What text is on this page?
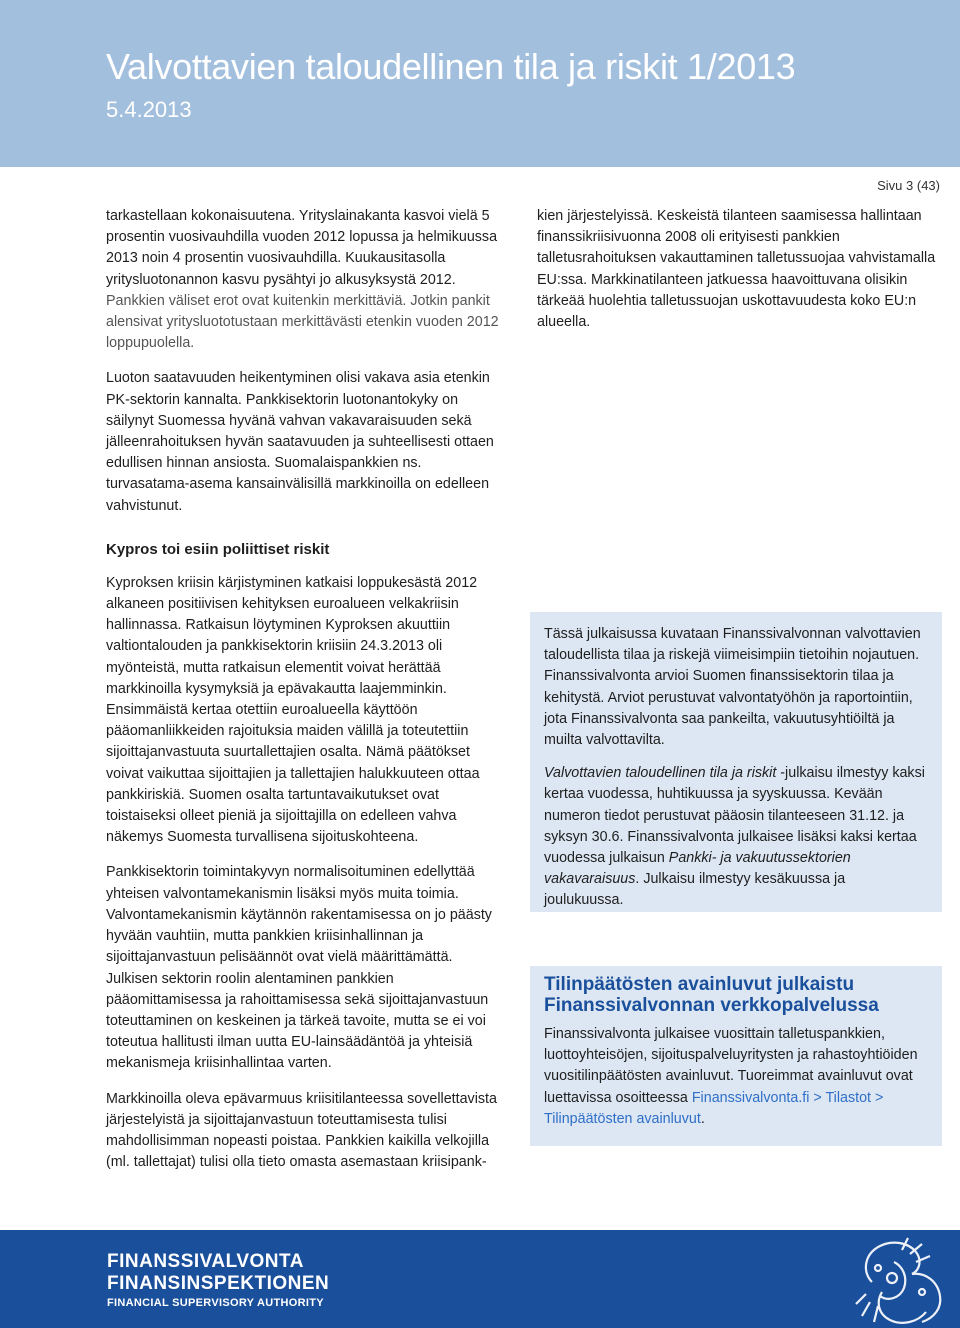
Valvottavien taloudellinen tila ja riskit 1/2013
5.4.2013
Sivu 3 (43)

tarkastellaan kokonaisuutena. Yrityslainakanta kasvoi vielä 5 prosentin vuosivauhdilla vuoden 2012 lopussa ja helmikuussa 2013 noin 4 prosentin vuosivauhdilla. Kuukausitasolla yritysluotonannon kasvu pysähtyi jo alkusyksystä 2012. Pankkien väliset erot ovat kuitenkin merkittäviä. Jotkin pankit alensivat yritysluototustaan merkittävästi etenkin vuoden 2012 loppupuolella.

Luoton saatavuuden heikentyminen olisi vakava asia etenkin PK-sektorin kannalta. Pankkisektorin luotonantokyky on säilynyt Suomessa hyvänä vahvan vakavaraisuuden sekä jälleenrahoituksen hyvän saatavuuden ja suhteellisesti ottaen edullisen hinnan ansiosta. Suomalaispankkien ns. turvasatama-asema kansainvälisillä markkinoilla on edelleen vahvistunut.

Kypros toi esiin poliittiset riskit

Kyproksen kriisin kärjistyminen katkaisi loppukesästä 2012 alkaneen positiivisen kehityksen euroalueen velkakriisin hallinnassa. Ratkaisun löytyminen Kyproksen akuuttiin valtiontalouden ja pankkisektorin kriisiin 24.3.2013 oli myönteistä, mutta ratkaisun elementit voivat herättää markkinoilla kysymyksiä ja epävakautta laajemminkin. Ensimmäistä kertaa otettiin euroalueella käyttöön pääomanliikkeiden rajoituksia maiden välillä ja toteutettiin sijoittajanvastuuta suurtallettajien osalta. Nämä päätökset voivat vaikuttaa sijoittajien ja tallettajien halukkuuteen ottaa pankkiriskiä. Suomen osalta tartuntavaikutukset ovat toistaiseksi olleet pieniä ja sijoittajilla on edelleen vahva näkemys Suomesta turvallisena sijoituskohteena.

Pankkisektorin toimintakyvyn normalisoituminen edellyttää yhteisen valvontamekanismin lisäksi myös muita toimia. Valvontamekanismin käytännön rakentamisessa on jo päästy hyvään vauhtiin, mutta pankkien kriisinhallinnan ja sijoittajanvastuun pelisäännöt ovat vielä määrittämättä. Julkisen sektorin roolin alentaminen pankkien pääomittamisessa ja rahoittamisessa sekä sijoittajanvastuun toteuttaminen on keskeinen ja tärkeä tavoite, mutta se ei voi toteutua hallitusti ilman uutta EU-lainsäädäntöä ja yhteisiä mekanismeja kriisinhallintaa varten.

Markkinoilla oleva epävarmuus kriisitilanteessa sovellettavista järjestelyistä ja sijoittajanvastuun toteuttamisesta tulisi mahdollisimman nopeasti poistaa. Pankkien kaikilla velkojilla (ml. tallettajat) tulisi olla tieto omasta asemastaan kriisipank-

kien järjestelyissä. Keskeistä tilanteen saamisessa hallintaan finanssikriisivuonna 2008 oli erityisesti pankkien talletusrahoituksen vakauttaminen talletussuojaa vahvistamalla EU:ssa. Markkinatilanteen jatkuessa haavoittuvana olisikin tärkeää huolehtia talletussuojan uskottavuudesta koko EU:n alueella.

Tässä julkaisussa kuvataan Finanssivalvonnan valvottavien taloudellista tilaa ja riskejä viimeisimpiin tietoihin nojautuen. Finanssivalvonta arvioi Suomen finanssisektorin tilaa ja kehitystä. Arviot perustuvat valvontatyöhön ja raportointiin, jota Finanssivalvonta saa pankeilta, vakuutusyhtiöiltä ja muilta valvottavilta.

Valvottavien taloudellinen tila ja riskit -julkaisu ilmestyy kaksi kertaa vuodessa, huhtikuussa ja syyskuussa. Kevään numeron tiedot perustuvat pääosin tilanteeseen 31.12. ja syksyn 30.6. Finanssivalvonta julkaisee lisäksi kaksi kertaa vuodessa julkaisun Pankki- ja vakuutussektorien vakavaraisuus. Julkaisu ilmestyy kesäkuussa ja joulukuussa.

Tilinpäätösten avainluvut julkaistu Finanssivalvonnan verkkopalvelussa
Finanssivalvonta julkaisee vuosittain talletuspankkien, luottoyhteisöjen, sijoituspalveluyritysten ja rahastoyhtiöiden vuositilinpäätösten avainluvut. Tuoreimmat avainluvut ovat luettavissa osoitteessa Finanssivalvonta.fi > Tilastot > Tilinpäätösten avainluvut.
FINANSSIVALVONTA
FINANSINSPEKTIONEN
FINANCIAL SUPERVISORY AUTHORITY
